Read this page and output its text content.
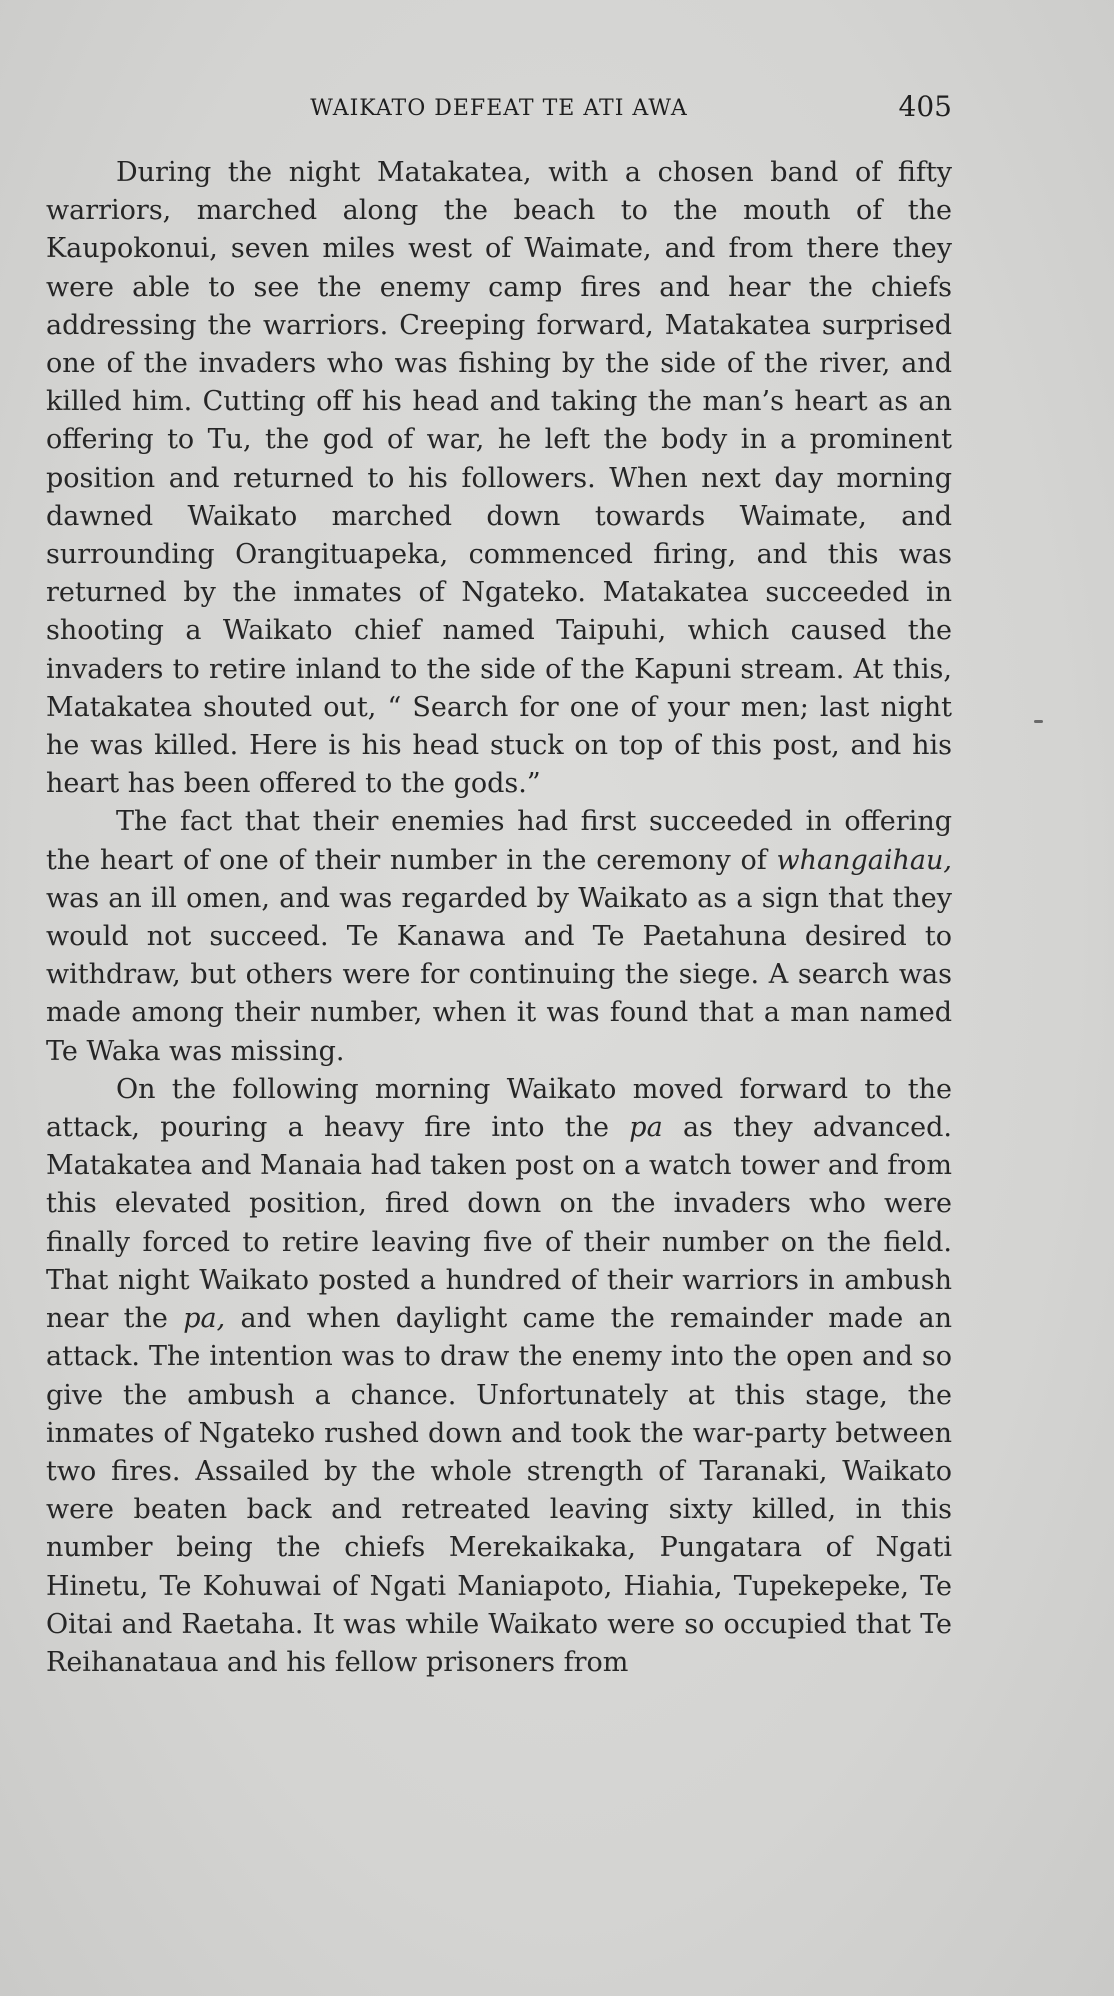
WAIKATO DEFEAT TE ATI AWA	405

During the night Matakatea, with a chosen band of fifty warriors, marched along the beach to the mouth of the Kaupokonui, seven miles west of Waimate, and from there they were able to see the enemy camp fires and hear the chiefs addressing the warriors. Creeping forward, Matakatea surprised one of the invaders who was fishing by the side of the river, and killed him. Cutting off his head and taking the man’s heart as an offering to Tu, the god of war, he left the body in a prominent position and returned to his followers. When next day morning dawned Waikato marched down towards Waimate, and surrounding Orangituapeka, commenced firing, and this was returned by the inmates of Ngateko. Matakatea succeeded in shooting a Waikato chief named Taipuhi, which caused the invaders to retire inland to the side of the Kapuni stream. At this, Matakatea shouted out, “ Search for one of your men; last night he was killed. Here is his head stuck on top of this post, and his heart has been offered to the gods.”

The fact that their enemies had first succeeded in offering the heart of one of their number in the ceremony of whangaihau, was an ill omen, and was regarded by Waikato as a sign that they would not succeed. Te Kanawa and Te Paetahuna desired to withdraw, but others were for continuing the siege. A search was made among their number, when it was found that a man named Te Waka was missing.

On the following morning Waikato moved forward to the attack, pouring a heavy fire into the pa as they advanced. Matakatea and Manaia had taken post on a watch tower and from this elevated position, fired down on the invaders who were finally forced to retire leaving five of their number on the field. That night Waikato posted a hundred of their warriors in ambush near the pa, and when daylight came the remainder made an attack. The intention was to draw the enemy into the open and so give the ambush a chance. Unfortunately at this stage, the inmates of Ngateko rushed down and took the war-party between two fires. Assailed by the whole strength of Taranaki, Waikato were beaten back and retreated leaving sixty killed, in this number being the chiefs Merekaikaka, Pungatara of Ngati Hinetu, Te Kohuwai of Ngati Maniapoto, Hiahia, Tupekepeke, Te Oitai and Raetaha. It was while Waikato were so occupied that Te Reihanataua and his fellow prisoners from
